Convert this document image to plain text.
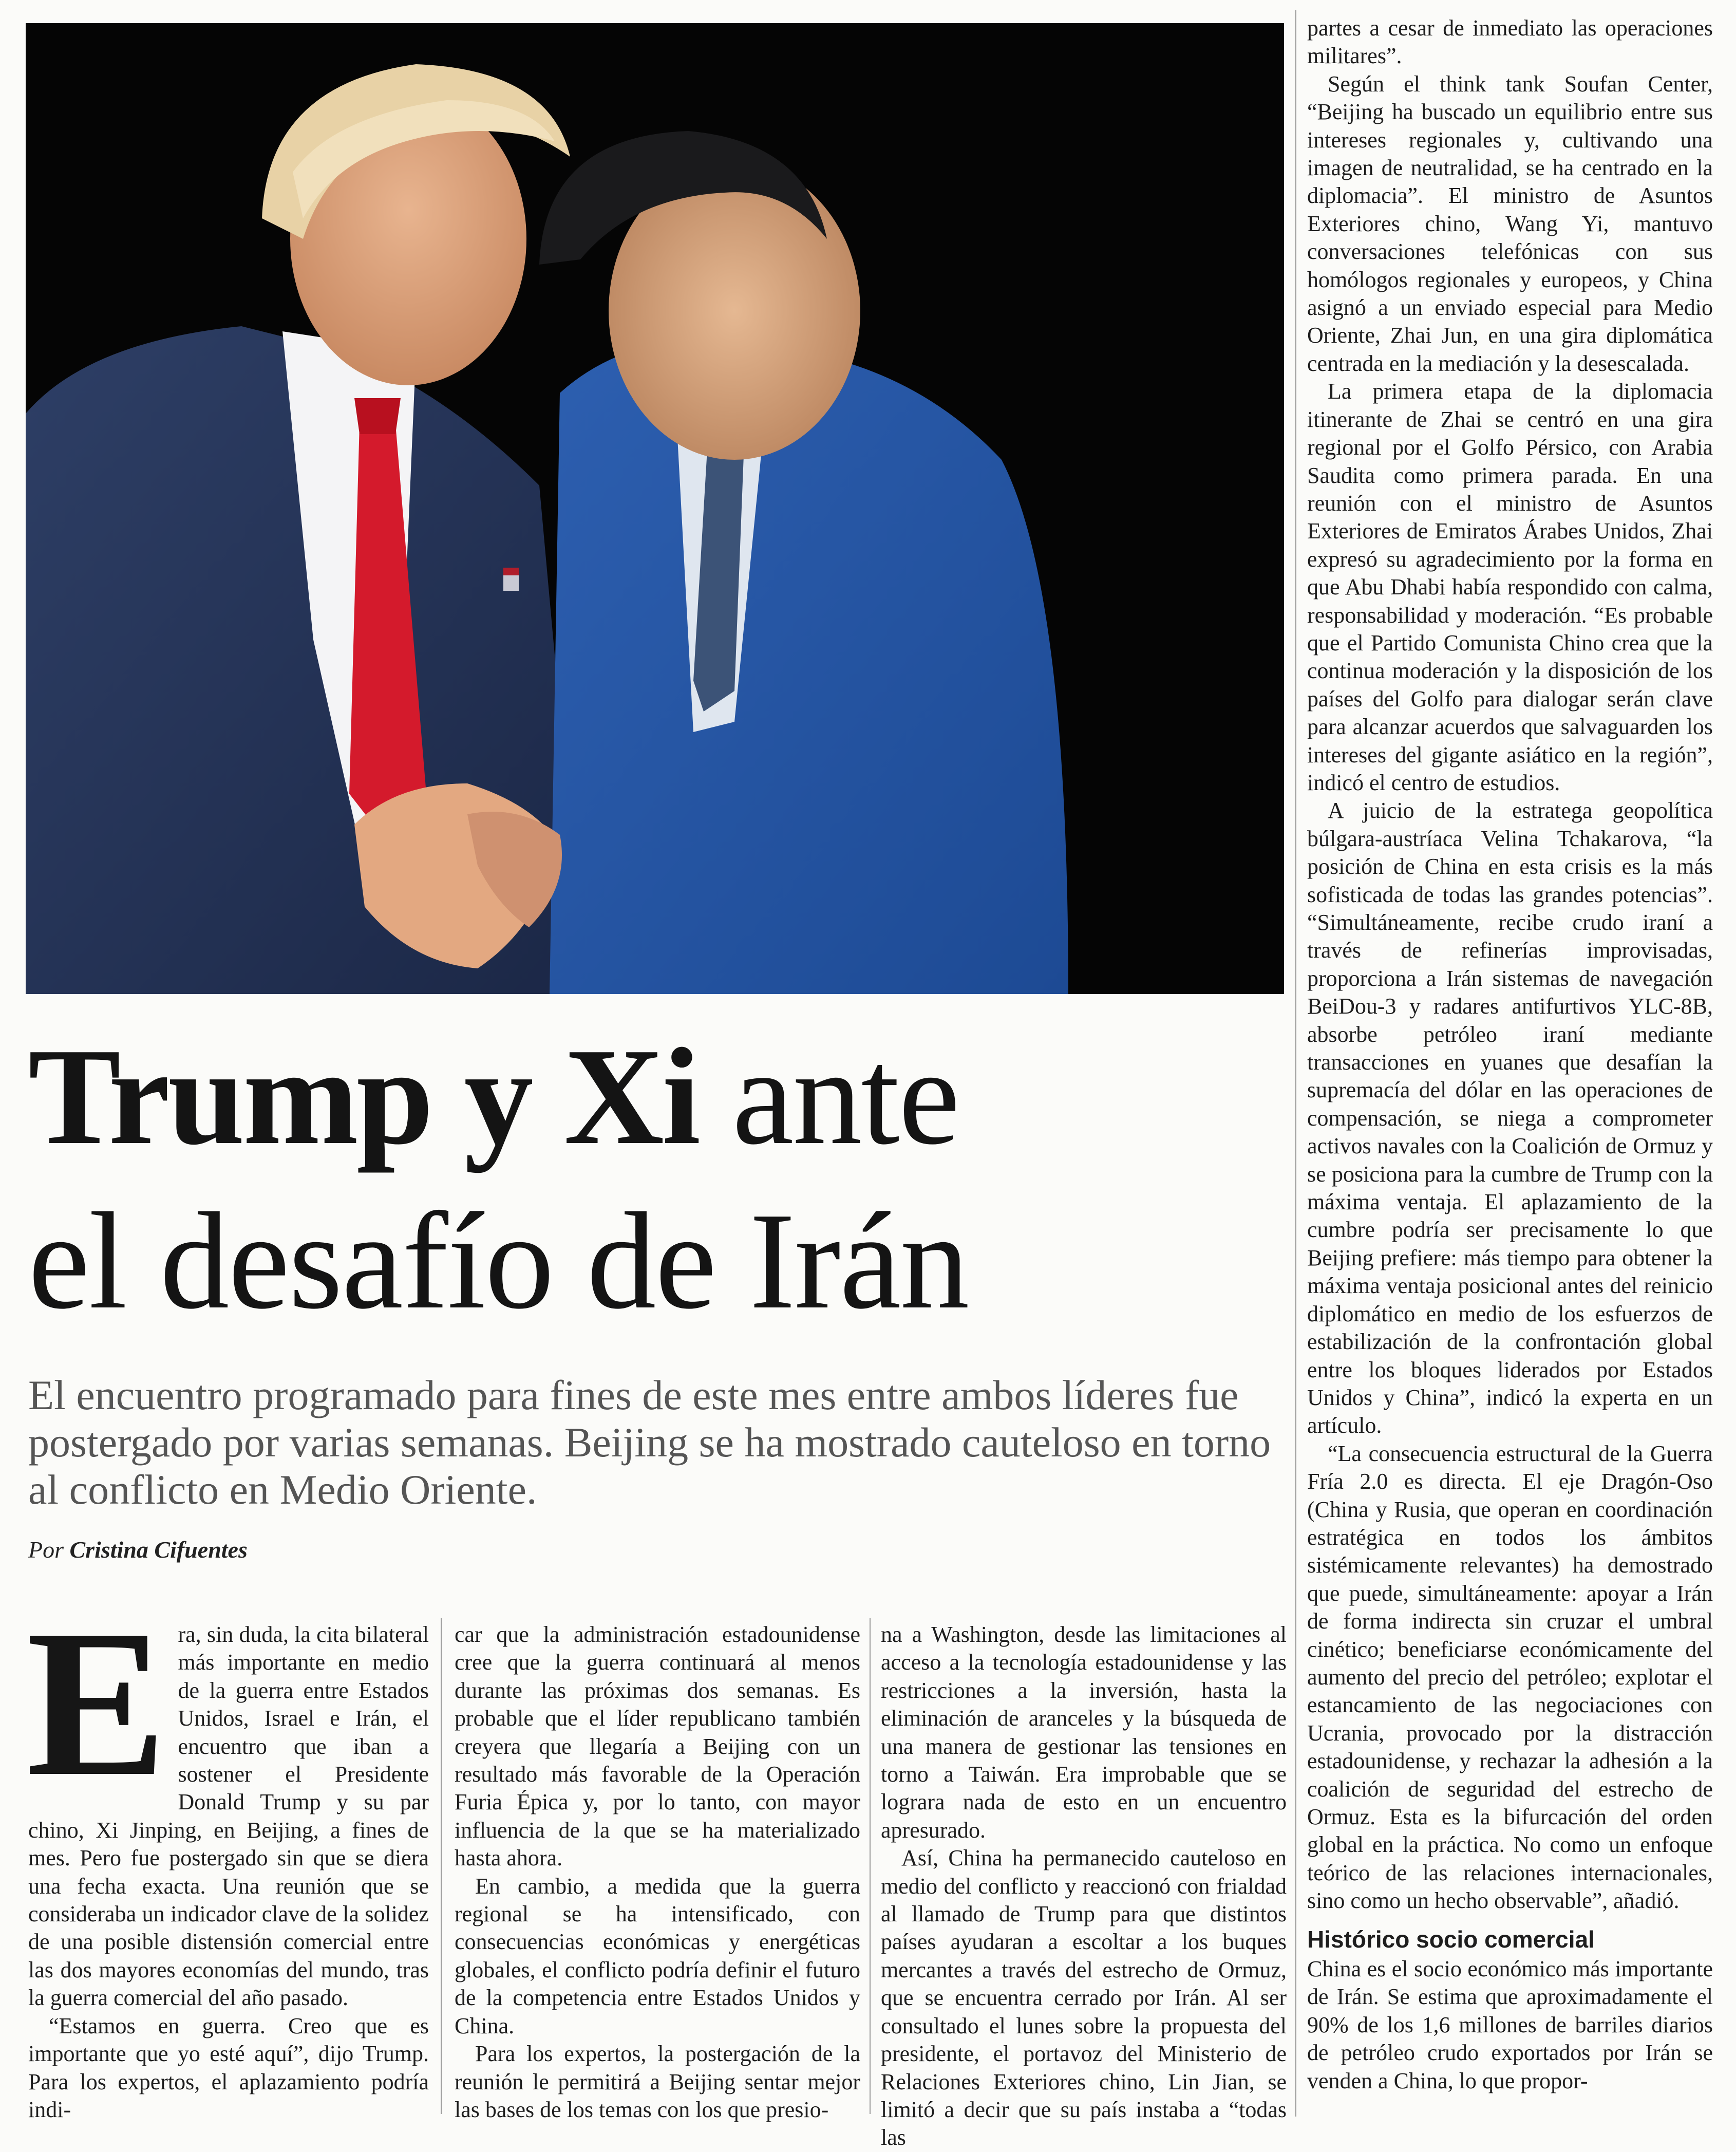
Trump y Xi ante
el desafío de Irán

El encuentro programado para fines de este mes entre ambos líderes fue postergado por varias semanas. Beijing se ha mostrado cauteloso en torno al conflicto en Medio Oriente.

Por Cristina Cifuentes

E ra, sin duda, la cita bilateral más importante en medio de la guerra entre Estados Unidos, Israel e Irán, el encuentro que iban a sostener el Presidente Donald Trump y su par chino, Xi Jinping, en Beijing, a fines de mes. Pero fue postergado sin que se diera una fecha exacta. Una reunión que se consideraba un indicador clave de la solidez de una posible distensión comercial entre las dos mayores economías del mundo, tras la guerra comercial del año pasado.

“Estamos en guerra. Creo que es importante que yo esté aquí”, dijo Trump. Para los expertos, el aplazamiento podría indi-

car que la administración estadounidense cree que la guerra continuará al menos durante las próximas dos semanas. Es probable que el líder republicano también creyera que llegaría a Beijing con un resultado más favorable de la Operación Furia Épica y, por lo tanto, con mayor influencia de la que se ha materializado hasta ahora.

En cambio, a medida que la guerra regional se ha intensificado, con consecuencias económicas y energéticas globales, el conflicto podría definir el futuro de la competencia entre Estados Unidos y China.

Para los expertos, la postergación de la reunión le permitirá a Beijing sentar mejor las bases de los temas con los que presio-

na a Washington, desde las limitaciones al acceso a la tecnología estadounidense y las restricciones a la inversión, hasta la eliminación de aranceles y la búsqueda de una manera de gestionar las tensiones en torno a Taiwán. Era improbable que se lograra nada de esto en un encuentro apresurado.

Así, China ha permanecido cauteloso en medio del conflicto y reaccionó con frialdad al llamado de Trump para que distintos países ayudaran a escoltar a los buques mercantes a través del estrecho de Ormuz, que se encuentra cerrado por Irán. Al ser consultado el lunes sobre la propuesta del presidente, el portavoz del Ministerio de Relaciones Exteriores chino, Lin Jian, se limitó a decir que su país instaba a “todas las

partes a cesar de inmediato las operaciones militares”.

Según el think tank Soufan Center, “Beijing ha buscado un equilibrio entre sus intereses regionales y, cultivando una imagen de neutralidad, se ha centrado en la diplomacia”. El ministro de Asuntos Exteriores chino, Wang Yi, mantuvo conversaciones telefónicas con sus homólogos regionales y europeos, y China asignó a un enviado especial para Medio Oriente, Zhai Jun, en una gira diplomática centrada en la mediación y la desescalada.

La primera etapa de la diplomacia itinerante de Zhai se centró en una gira regional por el Golfo Pérsico, con Arabia Saudita como primera parada. En una reunión con el ministro de Asuntos Exteriores de Emiratos Árabes Unidos, Zhai expresó su agradecimiento por la forma en que Abu Dhabi había respondido con calma, responsabilidad y moderación. “Es probable que el Partido Comunista Chino crea que la continua moderación y la disposición de los países del Golfo para dialogar serán clave para alcanzar acuerdos que salvaguarden los intereses del gigante asiático en la región”, indicó el centro de estudios.

A juicio de la estratega geopolítica búlgara-austríaca Velina Tchakarova, “la posición de China en esta crisis es la más sofisticada de todas las grandes potencias”. “Simultáneamente, recibe crudo iraní a través de refinerías improvisadas, proporciona a Irán sistemas de navegación BeiDou-3 y radares antifurtivos YLC-8B, absorbe petróleo iraní mediante transacciones en yuanes que desafían la supremacía del dólar en las operaciones de compensación, se niega a comprometer activos navales con la Coalición de Ormuz y se posiciona para la cumbre de Trump con la máxima ventaja. El aplazamiento de la cumbre podría ser precisamente lo que Beijing prefiere: más tiempo para obtener la máxima ventaja posicional antes del reinicio diplomático en medio de los esfuerzos de estabilización de la confrontación global entre los bloques liderados por Estados Unidos y China”, indicó la experta en un artículo.

“La consecuencia estructural de la Guerra Fría 2.0 es directa. El eje Dragón-Oso (China y Rusia, que operan en coordinación estratégica en todos los ámbitos sistémicamente relevantes) ha demostrado que puede, simultáneamente: apoyar a Irán de forma indirecta sin cruzar el umbral cinético; beneficiarse económicamente del aumento del precio del petróleo; explotar el estancamiento de las negociaciones con Ucrania, provocado por la distracción estadounidense, y rechazar la adhesión a la coalición de seguridad del estrecho de Ormuz. Esta es la bifurcación del orden global en la práctica. No como un enfoque teórico de las relaciones internacionales, sino como un hecho observable”, añadió.

Histórico socio comercial

China es el socio económico más importante de Irán. Se estima que aproximadamente el 90% de los 1,6 millones de barriles diarios de petróleo crudo exportados por Irán se venden a China, lo que propor-
